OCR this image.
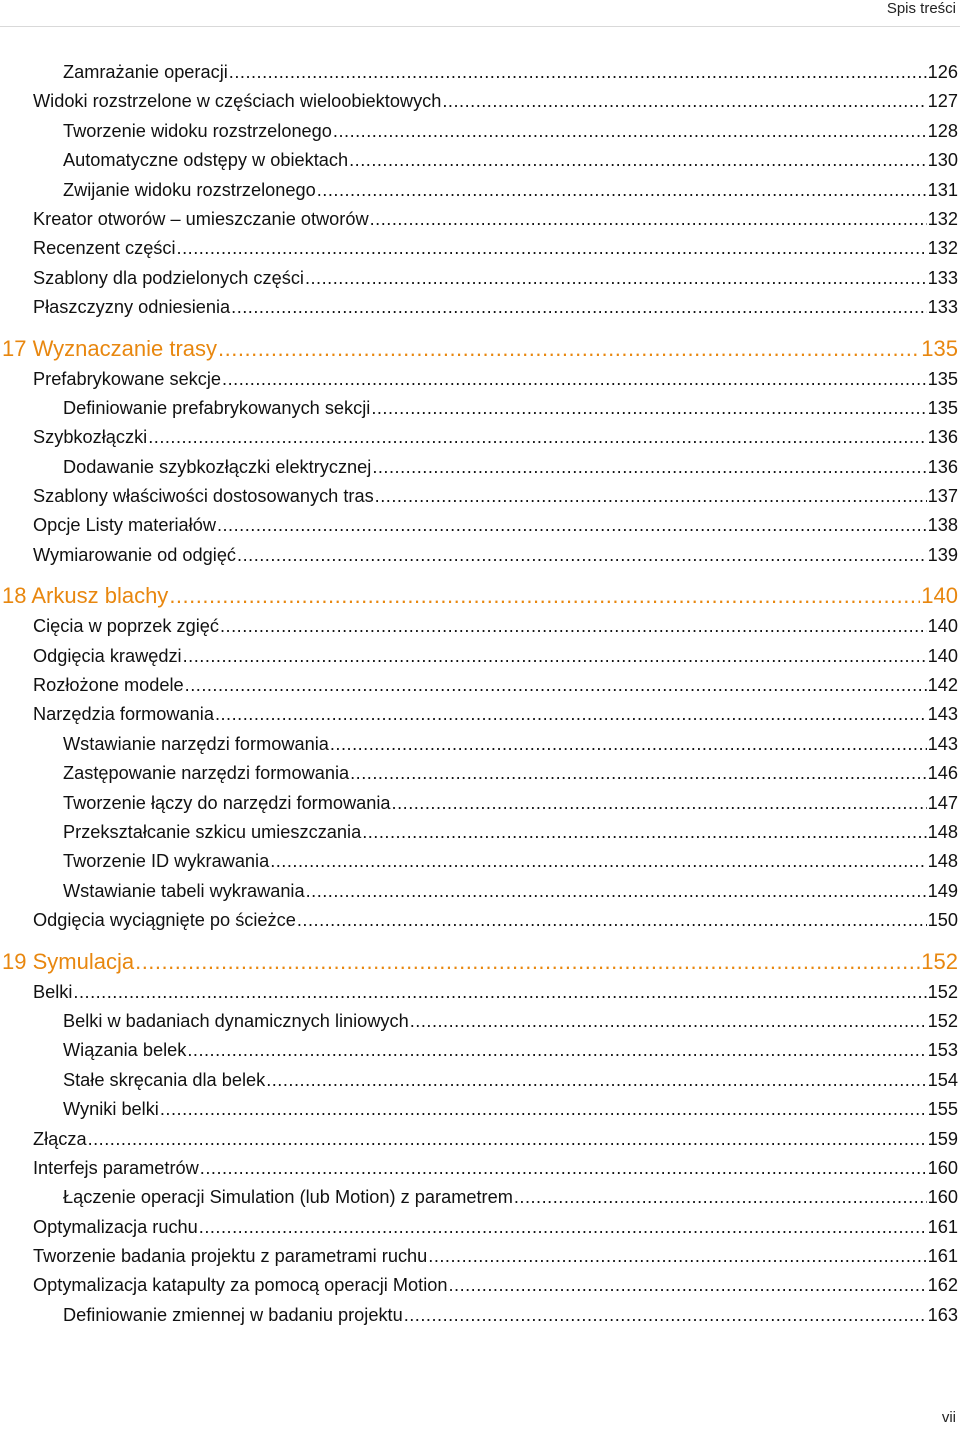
Spis treści
Zamrażanie operacji .....	126
Widoki rozstrzelone w częściach wieloobiektowych .....	127
Tworzenie widoku rozstrzelonego .....	128
Automatyczne odstępy w obiektach .....	130
Zwijanie widoku rozstrzelonego .....	131
Kreator otworów – umieszczanie otworów .....	132
Recenzent części .....	132
Szablony dla podzielonych części .....	133
Płaszczyzny odniesienia .....	133
17 Wyznaczanie trasy .....	135
Prefabrykowane sekcje .....	135
Definiowanie prefabrykowanych sekcji .....	135
Szybkozłączki .....	136
Dodawanie szybkozłączki elektrycznej .....	136
Szablony właściwości dostosowanych tras .....	137
Opcje Listy materiałów .....	138
Wymiarowanie od odgięć .....	139
18 Arkusz blachy .....	140
Cięcia w poprzek zgięć .....	140
Odgięcia krawędzi .....	140
Rozłożone modele .....	142
Narzędzia formowania .....	143
Wstawianie narzędzi formowania .....	143
Zastępowanie narzędzi formowania .....	146
Tworzenie łączy do narzędzi formowania .....	147
Przekształcanie szkicu umieszczania .....	148
Tworzenie ID wykrawania .....	148
Wstawianie tabeli wykrawania .....	149
Odgięcia wyciągnięte po ścieżce .....	150
19 Symulacja .....	152
Belki .....	152
Belki w badaniach dynamicznych liniowych .....	152
Wiązania belek .....	153
Stałe skręcania dla belek .....	154
Wyniki belki .....	155
Złącza .....	159
Interfejs parametrów .....	160
Łączenie operacji Simulation (lub Motion) z parametrem .....	160
Optymalizacja ruchu .....	161
Tworzenie badania projektu z parametrami ruchu .....	161
Optymalizacja katapulty za pomocą operacji Motion .....	162
Definiowanie zmiennej w badaniu projektu .....	163
vii
